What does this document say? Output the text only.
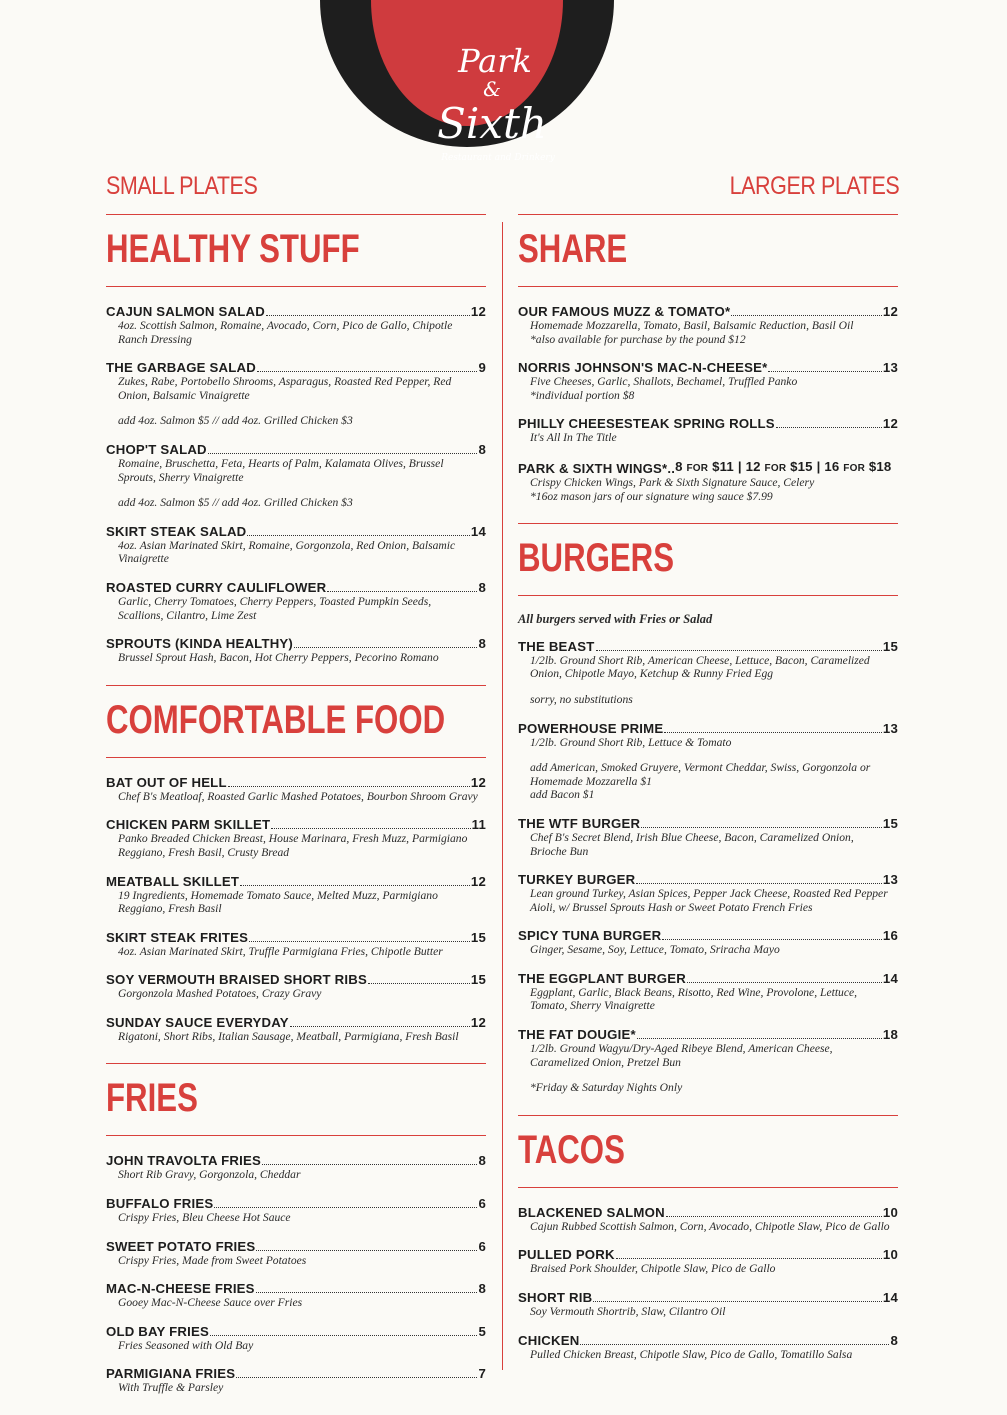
Park
&
Sixth
Restaurant and Drinkery
SMALL PLATES	LARGER PLATES
HEALTHY STUFF
CAJUN SALMON SALAD	12
4oz. Scottish Salmon, Romaine, Avocado, Corn, Pico de Gallo, Chipotle Ranch Dressing
THE GARBAGE SALAD	9
Zukes, Rabe, Portobello Shrooms, Asparagus, Roasted Red Pepper, Red Onion, Balsamic Vinaigrette
add 4oz. Salmon $5 // add 4oz. Grilled Chicken $3
CHOP'T SALAD	8
Romaine, Bruschetta, Feta, Hearts of Palm, Kalamata Olives, Brussel Sprouts, Sherry Vinaigrette
add 4oz. Salmon $5 // add 4oz. Grilled Chicken $3
SKIRT STEAK SALAD	14
4oz. Asian Marinated Skirt, Romaine, Gorgonzola, Red Onion, Balsamic Vinaigrette
ROASTED CURRY CAULIFLOWER	8
Garlic, Cherry Tomatoes, Cherry Peppers, Toasted Pumpkin Seeds, Scallions, Cilantro, Lime Zest
SPROUTS (KINDA HEALTHY)	8
Brussel Sprout Hash, Bacon, Hot Cherry Peppers, Pecorino Romano
COMFORTABLE FOOD
BAT OUT OF HELL	12
Chef B's Meatloaf, Roasted Garlic Mashed Potatoes, Bourbon Shroom Gravy
CHICKEN PARM SKILLET	11
Panko Breaded Chicken Breast, House Marinara, Fresh Muzz, Parmigiano Reggiano, Fresh Basil, Crusty Bread
MEATBALL SKILLET	12
19 Ingredients, Homemade Tomato Sauce, Melted Muzz, Parmigiano Reggiano, Fresh Basil
SKIRT STEAK FRITES	15
4oz. Asian Marinated Skirt, Truffle Parmigiana Fries, Chipotle Butter
SOY VERMOUTH BRAISED SHORT RIBS	15
Gorgonzola Mashed Potatoes, Crazy Gravy
SUNDAY SAUCE EVERYDAY	12
Rigatoni, Short Ribs, Italian Sausage, Meatball, Parmigiana, Fresh Basil
FRIES
JOHN TRAVOLTA FRIES	8
Short Rib Gravy, Gorgonzola, Cheddar
BUFFALO FRIES	6
Crispy Fries, Bleu Cheese Hot Sauce
SWEET POTATO FRIES	6
Crispy Fries, Made from Sweet Potatoes
MAC-N-CHEESE FRIES	8
Gooey Mac-N-Cheese Sauce over Fries
OLD BAY FRIES	5
Fries Seasoned with Old Bay
PARMIGIANA FRIES	7
With Truffle & Parsley
SHARE
OUR FAMOUS MUZZ & TOMATO*	12
Homemade Mozzarella, Tomato, Basil, Balsamic Reduction, Basil Oil
*also available for purchase by the pound $12
NORRIS JOHNSON'S MAC-N-CHEESE*	13
Five Cheeses, Garlic, Shallots, Bechamel, Truffled Panko
*individual portion $8
PHILLY CHEESESTEAK SPRING ROLLS	12
It's All In The Title
PARK & SIXTH WINGS*.. 8 FOR $11 | 12 FOR $15 | 16 FOR $18
Crispy Chicken Wings, Park & Sixth Signature Sauce, Celery
*16oz mason jars of our signature wing sauce $7.99
BURGERS
All burgers served with Fries or Salad
THE BEAST	15
1/2lb. Ground Short Rib, American Cheese, Lettuce, Bacon, Caramelized Onion, Chipotle Mayo, Ketchup & Runny Fried Egg
sorry, no substitutions
POWERHOUSE PRIME	13
1/2lb. Ground Short Rib, Lettuce & Tomato
add American, Smoked Gruyere, Vermont Cheddar, Swiss, Gorgonzola or Homemade Mozzarella $1
add Bacon $1
THE WTF BURGER	15
Chef B's Secret Blend, Irish Blue Cheese, Bacon, Caramelized Onion, Brioche Bun
TURKEY BURGER	13
Lean ground Turkey, Asian Spices, Pepper Jack Cheese, Roasted Red Pepper Aioli, w/ Brussel Sprouts Hash or Sweet Potato French Fries
SPICY TUNA BURGER	16
Ginger, Sesame, Soy, Lettuce, Tomato, Sriracha Mayo
THE EGGPLANT BURGER	14
Eggplant, Garlic, Black Beans, Risotto, Red Wine, Provolone, Lettuce, Tomato, Sherry Vinaigrette
THE FAT DOUGIE*	18
1/2lb. Ground Wagyu/Dry-Aged Ribeye Blend, American Cheese, Caramelized Onion, Pretzel Bun
*Friday & Saturday Nights Only
TACOS
BLACKENED SALMON	10
Cajun Rubbed Scottish Salmon, Corn, Avocado, Chipotle Slaw, Pico de Gallo
PULLED PORK	10
Braised Pork Shoulder, Chipotle Slaw, Pico de Gallo
SHORT RIB	14
Soy Vermouth Shortrib, Slaw, Cilantro Oil
CHICKEN	8
Pulled Chicken Breast, Chipotle Slaw, Pico de Gallo, Tomatillo Salsa
